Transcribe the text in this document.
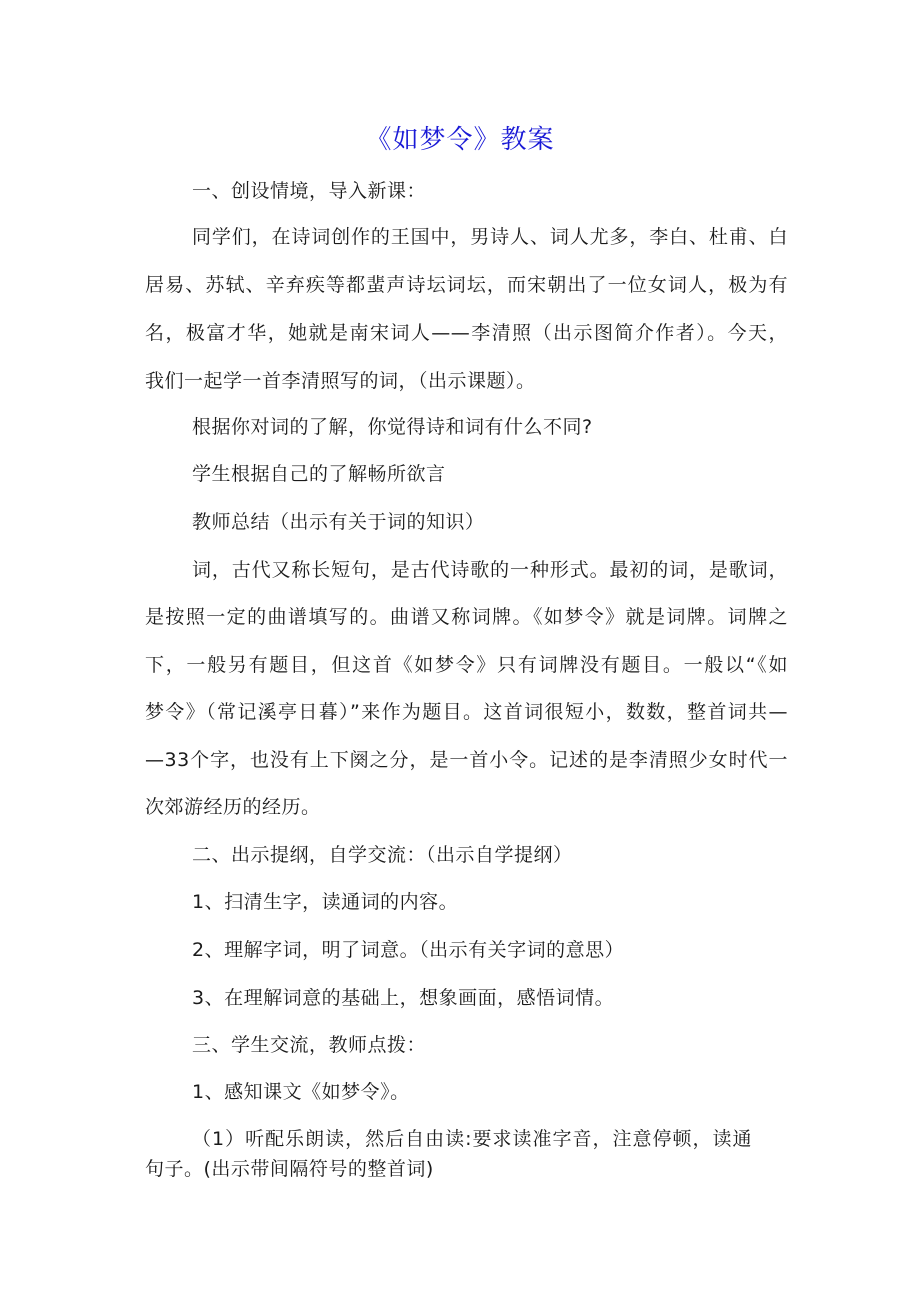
《如梦令》教案
一、创设情境，导入新课：
同学们，在诗词创作的王国中，男诗人、词人尤多，李白、杜甫、白
居易、苏轼、辛弃疾等都蜚声诗坛词坛，而宋朝出了一位女词人，极为有
名，极富才华，她就是南宋词人——李清照（出示图简介作者）。今天，
我们一起学一首李清照写的词，（出示课题）。
根据你对词的了解，你觉得诗和词有什么不同?
学生根据自己的了解畅所欲言
教师总结（出示有关于词的知识）
词，古代又称长短句，是古代诗歌的一种形式。最初的词，是歌词，
是按照一定的曲谱填写的。曲谱又称词牌。《如梦令》就是词牌。词牌之
下，一般另有题目，但这首《如梦令》只有词牌没有题目。一般以“《如
梦令》（常记溪亭日暮）”来作为题目。这首词很短小，数数，整首词共—
—33个字，也没有上下阕之分，是一首小令。记述的是李清照少女时代一
次郊游经历的经历。
二、出示提纲，自学交流：（出示自学提纲）
1、扫清生字，读通词的内容。
2、理解字词，明了词意。（出示有关字词的意思）
3、在理解词意的基础上，想象画面，感悟词情。
三、学生交流，教师点拨：
1、感知课文《如梦令》。
（1）听配乐朗读，然后自由读:要求读准字音，注意停顿，读通
句子。(出示带间隔符号的整首词)
